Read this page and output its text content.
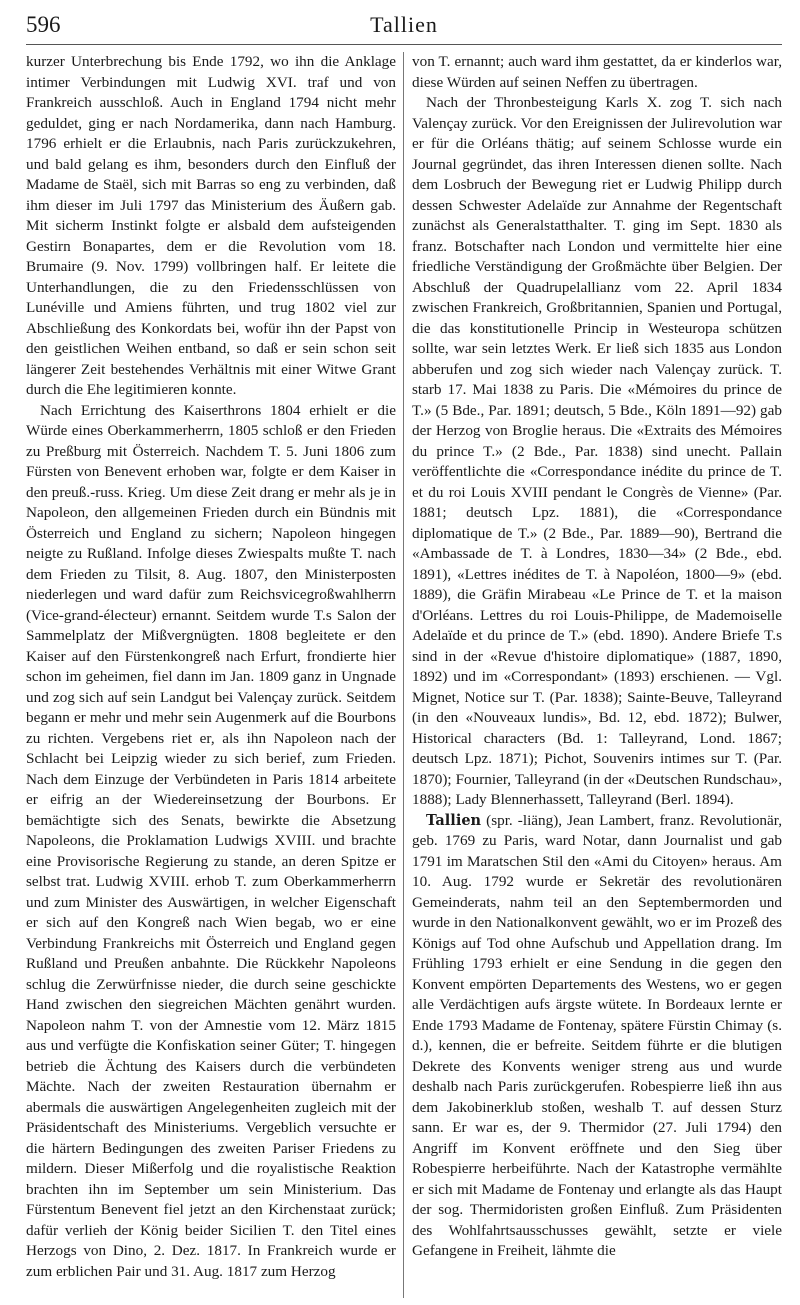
596	Tallien

kurzer Unterbrechung bis Ende 1792, wo ihn die Anklage intimer Verbindungen mit Ludwig XVI. traf und von Frankreich ausschloß. Auch in England 1794 nicht mehr geduldet, ging er nach Nordamerika, dann nach Hamburg. 1796 erhielt er die Erlaubnis, nach Paris zurückzukehren, und bald gelang es ihm, besonders durch den Einfluß der Madame de Staël, sich mit Barras so eng zu verbinden, daß ihm dieser im Juli 1797 das Ministerium des Äußern gab. Mit sicherm Instinkt folgte er alsbald dem aufsteigenden Gestirn Bonapartes, dem er die Revolution vom 18. Brumaire (9. Nov. 1799) vollbringen half. Er leitete die Unterhandlungen, die zu den Friedensschlüssen von Lunéville und Amiens führten, und trug 1802 viel zur Abschließung des Konkordats bei, wofür ihn der Papst von den geistlichen Weihen entband, so daß er sein schon seit längerer Zeit bestehendes Verhältnis mit einer Witwe Grant durch die Ehe legitimieren konnte.

Nach Errichtung des Kaiserthrons 1804 erhielt er die Würde eines Oberkammerherrn, 1805 schloß er den Frieden zu Preßburg mit Österreich. Nachdem T. 5. Juni 1806 zum Fürsten von Benevent erhoben war, folgte er dem Kaiser in den preuß.-russ. Krieg. Um diese Zeit drang er mehr als je in Napoleon, den allgemeinen Frieden durch ein Bündnis mit Österreich und England zu sichern; Napoleon hingegen neigte zu Rußland. Infolge dieses Zwiespalts mußte T. nach dem Frieden zu Tilsit, 8. Aug. 1807, den Ministerposten niederlegen und ward dafür zum Reichsvicegroßwahlherrn (Vice-grand-électeur) ernannt. Seitdem wurde T.s Salon der Sammelplatz der Mißvergnügten. 1808 begleitete er den Kaiser auf den Fürstenkongreß nach Erfurt, frondierte hier schon im geheimen, fiel dann im Jan. 1809 ganz in Ungnade und zog sich auf sein Landgut bei Valençay zurück. Seitdem begann er mehr und mehr sein Augenmerk auf die Bourbons zu richten. Vergebens riet er, als ihn Napoleon nach der Schlacht bei Leipzig wieder zu sich berief, zum Frieden. Nach dem Einzuge der Verbündeten in Paris 1814 arbeitete er eifrig an der Wiedereinsetzung der Bourbons. Er bemächtigte sich des Senats, bewirkte die Absetzung Napoleons, die Proklamation Ludwigs XVIII. und brachte eine Provisorische Regierung zu stande, an deren Spitze er selbst trat. Ludwig XVIII. erhob T. zum Oberkammerherrn und zum Minister des Auswärtigen, in welcher Eigenschaft er sich auf den Kongreß nach Wien begab, wo er eine Verbindung Frankreichs mit Österreich und England gegen Rußland und Preußen anbahnte. Die Rückkehr Napoleons schlug die Zerwürfnisse nieder, die durch seine geschickte Hand zwischen den siegreichen Mächten genährt wurden. Napoleon nahm T. von der Amnestie vom 12. März 1815 aus und verfügte die Konfiskation seiner Güter; T. hingegen betrieb die Ächtung des Kaisers durch die verbündeten Mächte. Nach der zweiten Restauration übernahm er abermals die auswärtigen Angelegenheiten zugleich mit der Präsidentschaft des Ministeriums. Vergeblich versuchte er die härtern Bedingungen des zweiten Pariser Friedens zu mildern. Dieser Mißerfolg und die royalistische Reaktion brachten ihn im September um sein Ministerium. Das Fürstentum Benevent fiel jetzt an den Kirchenstaat zurück; dafür verlieh der König beider Sicilien T. den Titel eines Herzogs von Dino, 2. Dez. 1817. In Frankreich wurde er zum erblichen Pair und 31. Aug. 1817 zum Herzog

von T. ernannt; auch ward ihm gestattet, da er kinderlos war, diese Würden auf seinen Neffen zu übertragen.

Nach der Thronbesteigung Karls X. zog T. sich nach Valençay zurück. Vor den Ereignissen der Julirevolution war er für die Orléans thätig; auf seinem Schlosse wurde ein Journal gegründet, das ihren Interessen dienen sollte. Nach dem Losbruch der Bewegung riet er Ludwig Philipp durch dessen Schwester Adelaïde zur Annahme der Regentschaft zunächst als Generalstatthalter. T. ging im Sept. 1830 als franz. Botschafter nach London und vermittelte hier eine friedliche Verständigung der Großmächte über Belgien. Der Abschluß der Quadrupelallianz vom 22. April 1834 zwischen Frankreich, Großbritannien, Spanien und Portugal, die das konstitutionelle Princip in Westeuropa schützen sollte, war sein letztes Werk. Er ließ sich 1835 aus London abberufen und zog sich wieder nach Valençay zurück. T. starb 17. Mai 1838 zu Paris. Die «Mémoires du prince de T.» (5 Bde., Par. 1891; deutsch, 5 Bde., Köln 1891—92) gab der Herzog von Broglie heraus. Die «Extraits des Mémoires du prince T.» (2 Bde., Par. 1838) sind unecht. Pallain veröffentlichte die «Correspondance inédite du prince de T. et du roi Louis XVIII pendant le Congrès de Vienne» (Par. 1881; deutsch Lpz. 1881), die «Correspondance diplomatique de T.» (2 Bde., Par. 1889—90), Bertrand die «Ambassade de T. à Londres, 1830—34» (2 Bde., ebd. 1891), «Lettres inédites de T. à Napoléon, 1800—9» (ebd. 1889), die Gräfin Mirabeau «Le Prince de T. et la maison d'Orléans. Lettres du roi Louis-Philippe, de Mademoiselle Adelaïde et du prince de T.» (ebd. 1890). Andere Briefe T.s sind in der «Revue d'histoire diplomatique» (1887, 1890, 1892) und im «Correspondant» (1893) erschienen. — Vgl. Mignet, Notice sur T. (Par. 1838); Sainte-Beuve, Talleyrand (in den «Nouveaux lundis», Bd. 12, ebd. 1872); Bulwer, Historical characters (Bd. 1: Talleyrand, Lond. 1867; deutsch Lpz. 1871); Pichot, Souvenirs intimes sur T. (Par. 1870); Fournier, Talleyrand (in der «Deutschen Rundschau», 1888); Lady Blennerhassett, Talleyrand (Berl. 1894).

Tallien (spr. -liäng), Jean Lambert, franz. Revolutionär, geb. 1769 zu Paris, ward Notar, dann Journalist und gab 1791 im Maratschen Stil den «Ami du Citoyen» heraus. Am 10. Aug. 1792 wurde er Sekretär des revolutionären Gemeinderats, nahm teil an den Septembermorden und wurde in den Nationalkonvent gewählt, wo er im Prozeß des Königs auf Tod ohne Aufschub und Appellation drang. Im Frühling 1793 erhielt er eine Sendung in die gegen den Konvent empörten Departements des Westens, wo er gegen alle Verdächtigen aufs ärgste wütete. In Bordeaux lernte er Ende 1793 Madame de Fontenay, spätere Fürstin Chimay (s. d.), kennen, die er befreite. Seitdem führte er die blutigen Dekrete des Konvents weniger streng aus und wurde deshalb nach Paris zurückgerufen. Robespierre ließ ihn aus dem Jakobinerklub stoßen, weshalb T. auf dessen Sturz sann. Er war es, der 9. Thermidor (27. Juli 1794) den Angriff im Konvent eröffnete und den Sieg über Robespierre herbeiführte. Nach der Katastrophe vermählte er sich mit Madame de Fontenay und erlangte als das Haupt der sog. Thermidoristen großen Einfluß. Zum Präsidenten des Wohlfahrtsausschusses gewählt, setzte er viele Gefangene in Freiheit, lähmte die
